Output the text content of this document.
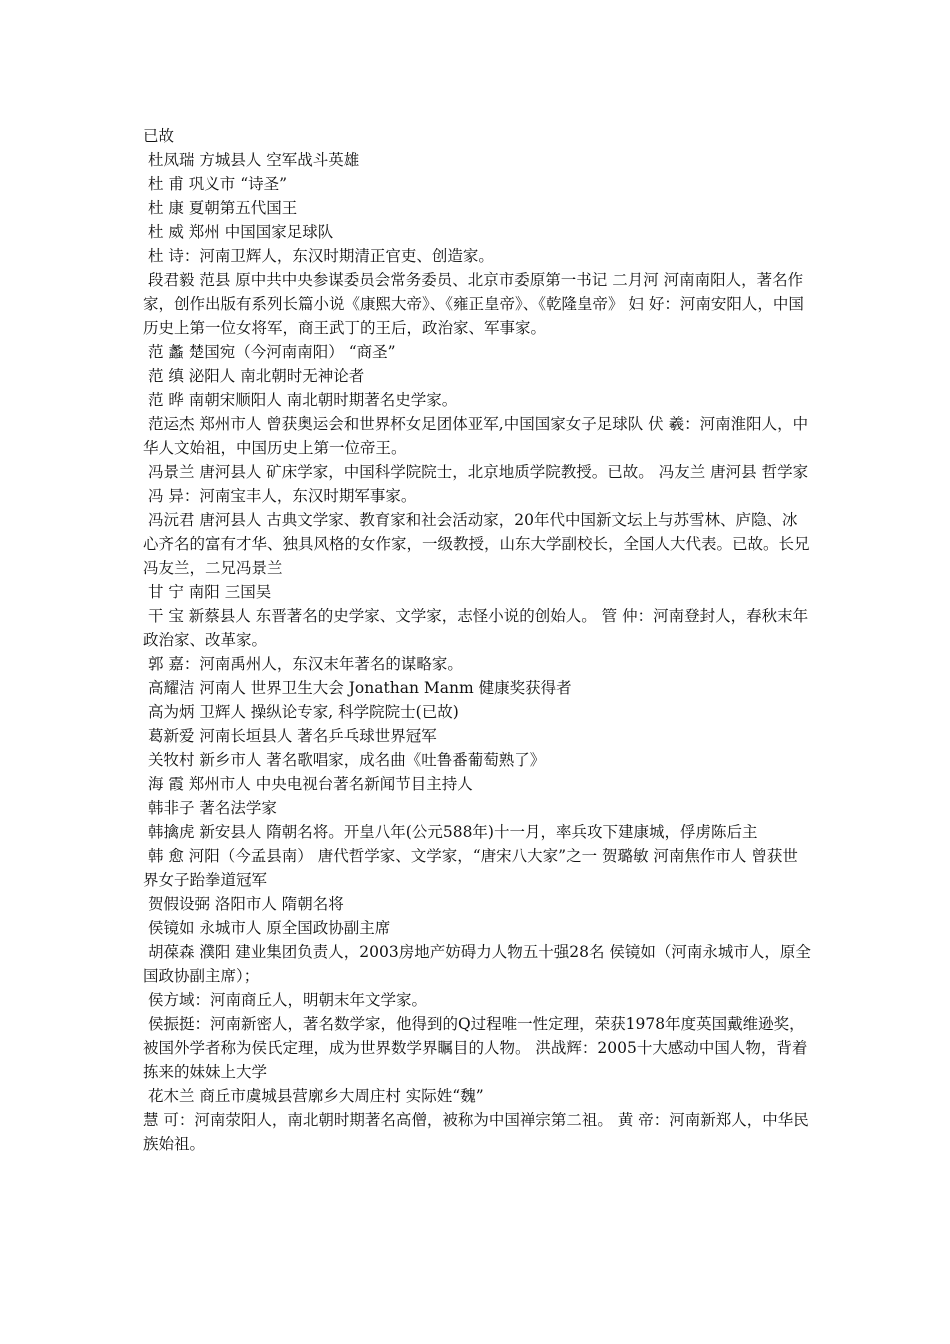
已故

杜凤瑞 方城县人 空军战斗英雄

杜 甫 巩义市 “诗圣”

杜 康 夏朝第五代国王

杜 威 郑州 中国国家足球队

杜 诗：河南卫辉人，东汉时期清正官吏、创造家。

段君毅 范县 原中共中央参谋委员会常务委员、北京市委原第一书记 二月河 河南南阳人，著名作家，创作出版有系列长篇小说《康熙大帝》、《雍正皇帝》、《乾隆皇帝》 妇 好：河南安阳人，中国历史上第一位女将军，商王武丁的王后，政治家、军事家。

范 蠡 楚国宛（今河南南阳） “商圣”

范 缜 泌阳人 南北朝时无神论者

范 晔 南朝宋顺阳人 南北朝时期著名史学家。

范运杰 郑州市人 曾获奥运会和世界杯女足团体亚军,中国国家女子足球队 伏 羲：河南淮阳人，中华人文始祖，中国历史上第一位帝王。

冯景兰 唐河县人 矿床学家，中国科学院院士，北京地质学院教授。已故。 冯友兰 唐河县 哲学家

冯 异：河南宝丰人，东汉时期军事家。

冯沅君 唐河县人 古典文学家、教育家和社会活动家，20年代中国新文坛上与苏雪林、庐隐、冰心齐名的富有才华、独具风格的女作家，一级教授，山东大学副校长，全国人大代表。已故。长兄冯友兰，二兄冯景兰

甘 宁 南阳 三国吴

干 宝 新蔡县人 东晋著名的史学家、文学家，志怪小说的创始人。 管 仲：河南登封人，春秋末年政治家、改革家。

郭 嘉：河南禹州人，东汉末年著名的谋略家。

高耀洁 河南人 世界卫生大会 Jonathan Manm 健康奖获得者

高为炳 卫辉人 操纵论专家, 科学院院士(已故)

葛新爱 河南长垣县人 著名乒乓球世界冠军

关牧村 新乡市人 著名歌唱家，成名曲《吐鲁番葡萄熟了》

海 霞 郑州市人 中央电视台著名新闻节目主持人

韩非子 著名法学家

韩擒虎 新安县人 隋朝名将。开皇八年(公元588年)十一月，率兵攻下建康城，俘虏陈后主

韩 愈 河阳（今孟县南） 唐代哲学家、文学家，“唐宋八大家”之一 贺璐敏 河南焦作市人 曾获世界女子跆拳道冠军

贺假设弼 洛阳市人 隋朝名将

侯镜如 永城市人 原全国政协副主席

胡葆森 濮阳 建业集团负责人，2003房地产妨碍力人物五十强28名 侯镜如（河南永城市人，原全国政协副主席）；

侯方域：河南商丘人，明朝末年文学家。

侯振挺：河南新密人，著名数学家，他得到的Q过程唯一性定理，荣获1978年度英国戴维逊奖，被国外学者称为侯氏定理，成为世界数学界瞩目的人物。 洪战辉：2005十大感动中国人物，背着拣来的妹妹上大学

花木兰 商丘市虞城县营廓乡大周庄村 实际姓“魏”

慧 可：河南荥阳人，南北朝时期著名高僧，被称为中国禅宗第二祖。 黄 帝：河南新郑人，中华民族始祖。
